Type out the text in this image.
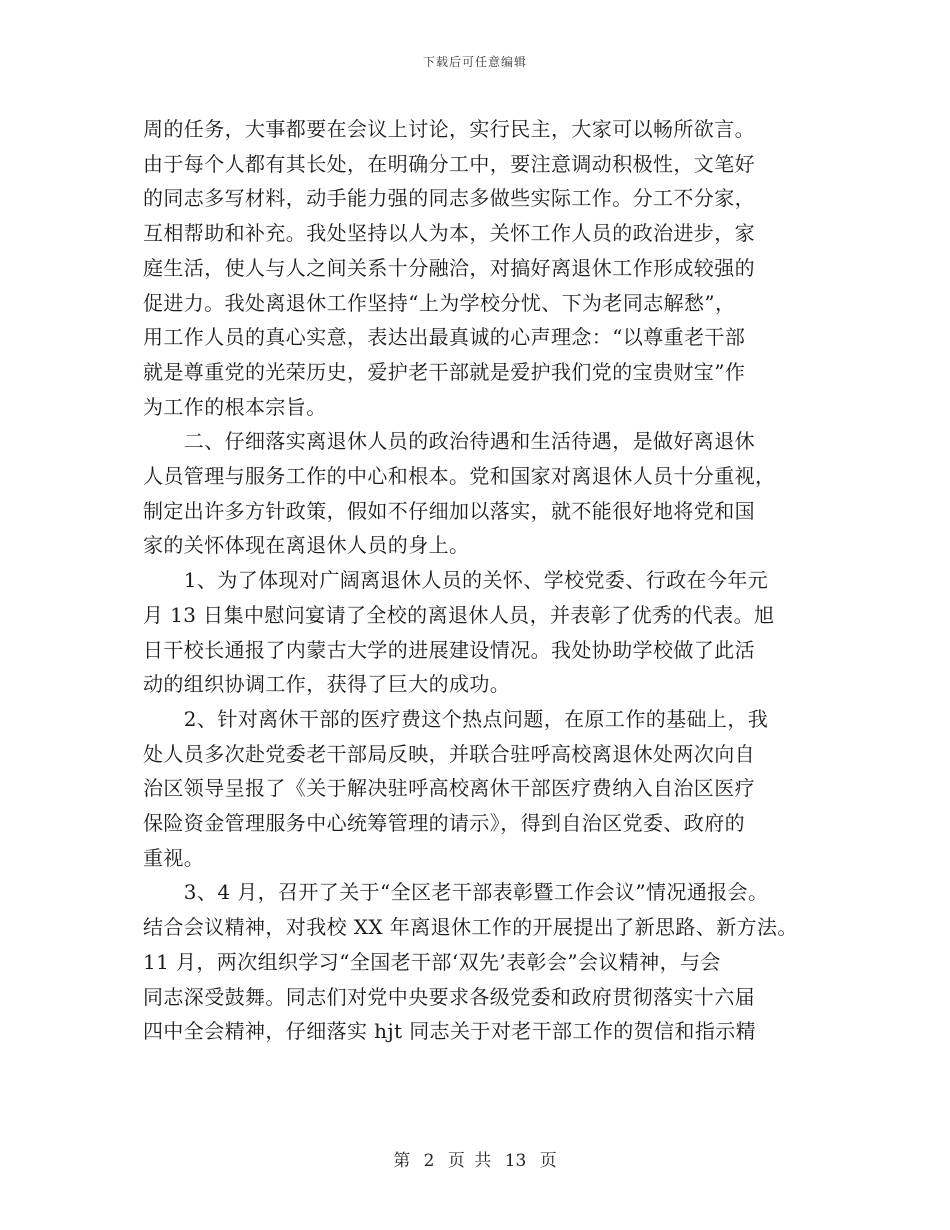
下载后可任意编辑
周的任务，大事都要在会议上讨论，实行民主，大家可以畅所欲言。
由于每个人都有其长处，在明确分工中，要注意调动积极性，文笔好
的同志多写材料，动手能力强的同志多做些实际工作。分工不分家，
互相帮助和补充。我处坚持以人为本，关怀工作人员的政治进步，家
庭生活，使人与人之间关系十分融洽，对搞好离退休工作形成较强的
促进力。我处离退休工作坚持“上为学校分忧、下为老同志解愁”，
用工作人员的真心实意，表达出最真诚的心声理念：“以尊重老干部
就是尊重党的光荣历史，爱护老干部就是爱护我们党的宝贵财宝”作
为工作的根本宗旨。
　　二、仔细落实离退休人员的政治待遇和生活待遇，是做好离退休
人员管理与服务工作的中心和根本。党和国家对离退休人员十分重视，
制定出许多方针政策，假如不仔细加以落实，就不能很好地将党和国
家的关怀体现在离退休人员的身上。
　　1、为了体现对广阔离退休人员的关怀、学校党委、行政在今年元
月 13 日集中慰问宴请了全校的离退休人员，并表彰了优秀的代表。旭
日干校长通报了内蒙古大学的进展建设情况。我处协助学校做了此活
动的组织协调工作，获得了巨大的成功。
　　2、针对离休干部的医疗费这个热点问题，在原工作的基础上，我
处人员多次赴党委老干部局反映，并联合驻呼高校离退休处两次向自
治区领导呈报了《关于解决驻呼高校离休干部医疗费纳入自治区医疗
保险资金管理服务中心统筹管理的请示》，得到自治区党委、政府的
重视。
　　3、4 月，召开了关于“全区老干部表彰暨工作会议”情况通报会。
结合会议精神，对我校 XX 年离退休工作的开展提出了新思路、新方法。
11 月，两次组织学习“全国老干部‘双先’表彰会”会议精神，与会
同志深受鼓舞。同志们对党中央要求各级党委和政府贯彻落实十六届
四中全会精神，仔细落实 hjt 同志关于对老干部工作的贺信和指示精
第 2 页 共 13 页
